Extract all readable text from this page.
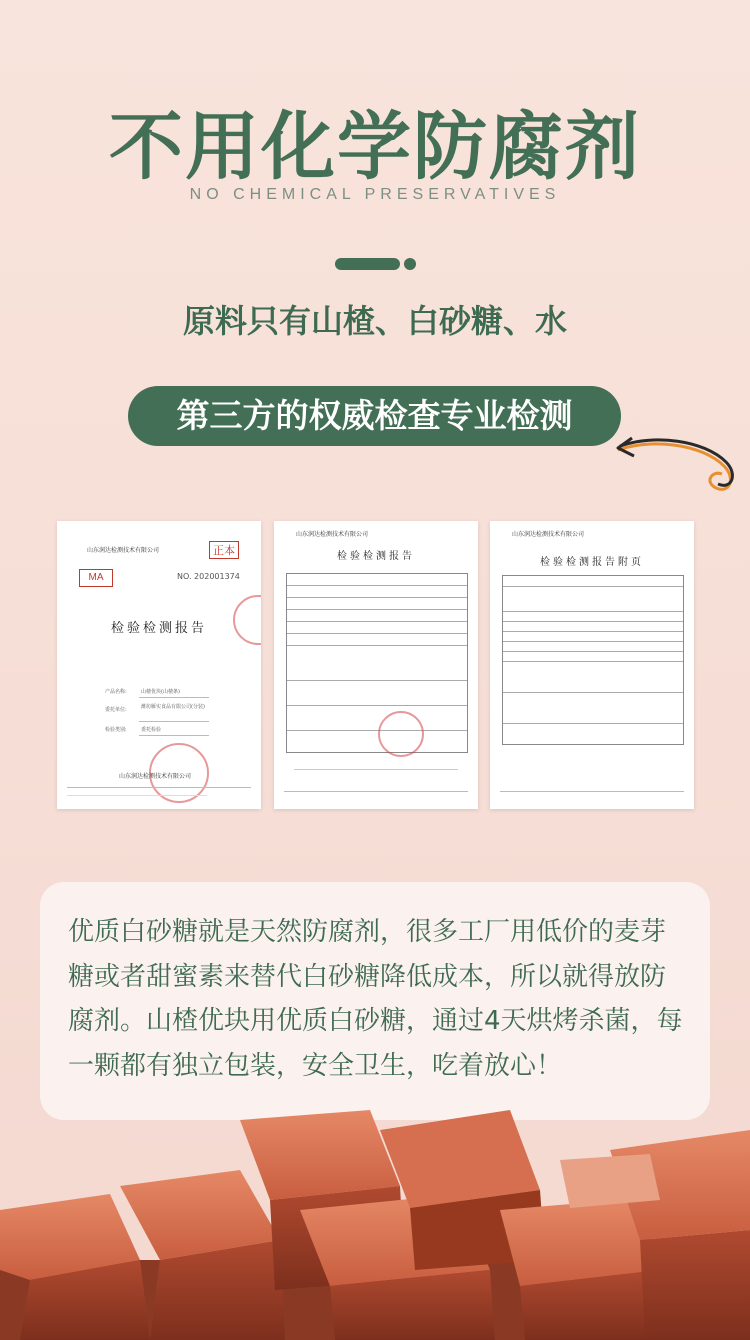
不用化学防腐剂
NO CHEMICAL PRESERVATIVES
原料只有山楂、白砂糖、水
第三方的权威检查专业检测
山东润达检测技术有限公司	正本
MA	NO. 202001374
检验检测报告
产品名称:	山楂优块(山楂条)
委托单位:	潍坊雁实食品有限公司(分装)
检验类别:	委托检验
山东润达检测技术有限公司
山东润达检测技术有限公司
检验检测报告
山东润达检测技术有限公司
检验检测报告附页

优质白砂糖就是天然防腐剂，很多工厂用低价的麦芽糖或者甜蜜素来替代白砂糖降低成本，所以就得放防腐剂。山楂优块用优质白砂糖，通过4天烘烤杀菌，每一颗都有独立包装，安全卫生，吃着放心！
